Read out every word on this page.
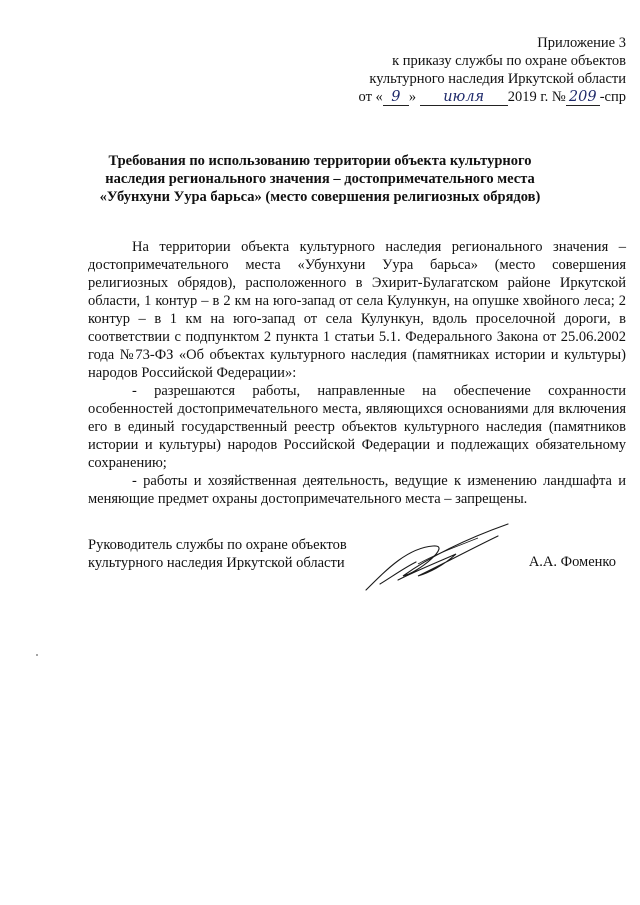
Приложение 3
к приказу службы по охране объектов
культурного наследия Иркутской области
от « 9 » июля 2019 г. № 209 -спр
Требования по использованию территории объекта культурного наследия регионального значения – достопримечательного места «Убунхуни Уура барьса» (место совершения религиозных обрядов)

На территории объекта культурного наследия регионального значения – достопримечательного места «Убунхуни Уура барьса» (место совершения религиозных обрядов), расположенного в Эхирит-Булагатском районе Иркутской области, 1 контур – в 2 км на юго-запад от села Кулункун, на опушке хвойного леса; 2 контур – в 1 км на юго-запад от села Кулункун, вдоль проселочной дороги, в соответствии с подпунктом 2 пункта 1 статьи 5.1. Федерального Закона от 25.06.2002 года №73-ФЗ «Об объектах культурного наследия (памятниках истории и культуры) народов Российской Федерации»:

- разрешаются работы, направленные на обеспечение сохранности особенностей достопримечательного места, являющихся основаниями для включения его в единый государственный реестр объектов культурного наследия (памятников истории и культуры) народов Российской Федерации и подлежащих обязательному сохранению;

- работы и хозяйственная деятельность, ведущие к изменению ландшафта и меняющие предмет охраны достопримечательного места – запрещены.

Руководитель службы по охране объектов
культурного наследия Иркутской области	А.А. Фоменко
